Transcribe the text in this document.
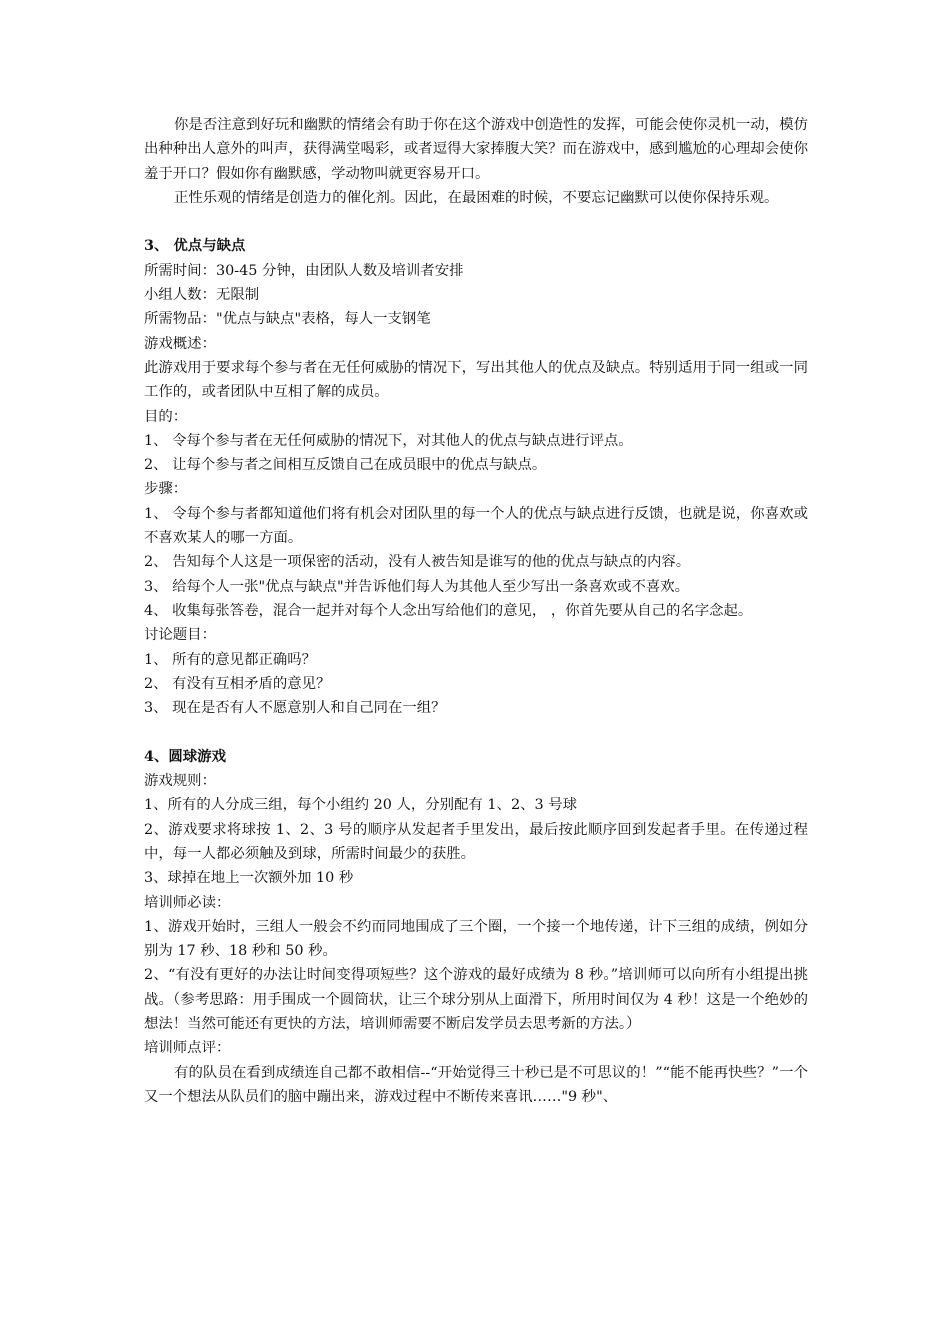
你是否注意到好玩和幽默的情绪会有助于你在这个游戏中创造性的发挥，可能会使你灵机一动，模仿出种种出人意外的叫声，获得满堂喝彩，或者逗得大家捧腹大笑？而在游戏中，感到尴尬的心理却会使你羞于开口？假如你有幽默感，学动物叫就更容易开口。

正性乐观的情绪是创造力的催化剂。因此，在最困难的时候，不要忘记幽默可以使你保持乐观。

3、 优点与缺点

所需时间：30-45 分钟，由团队人数及培训者安排

小组人数：无限制

所需物品："优点与缺点"表格，每人一支钢笔

游戏概述：

此游戏用于要求每个参与者在无任何威胁的情况下，写出其他人的优点及缺点。特别适用于同一组或一同工作的，或者团队中互相了解的成员。

目的：

1、 令每个参与者在无任何威胁的情况下，对其他人的优点与缺点进行评点。

2、 让每个参与者之间相互反馈自己在成员眼中的优点与缺点。

步骤：

1、 令每个参与者都知道他们将有机会对团队里的每一个人的优点与缺点进行反馈，也就是说，你喜欢或不喜欢某人的哪一方面。

2、 告知每个人这是一项保密的活动，没有人被告知是谁写的他的优点与缺点的内容。

3、 给每个人一张"优点与缺点"并告诉他们每人为其他人至少写出一条喜欢或不喜欢。

4、 收集每张答卷，混合一起并对每个人念出写给他们的意见， ，你首先要从自己的名字念起。

讨论题目：

1、 所有的意见都正确吗？

2、 有没有互相矛盾的意见？

3、 现在是否有人不愿意别人和自己同在一组？

4、圆球游戏

游戏规则：

1、所有的人分成三组，每个小组约 20 人，分别配有 1、2、3 号球

2、游戏要求将球按 1、2、3 号的顺序从发起者手里发出，最后按此顺序回到发起者手里。在传递过程中，每一人都必须触及到球，所需时间最少的获胜。

3、球掉在地上一次额外加 10 秒

培训师必读：

1、游戏开始时，三组人一般会不约而同地围成了三个圈，一个接一个地传递，计下三组的成绩，例如分别为 17 秒、18 秒和 50 秒。

2、“有没有更好的办法让时间变得项短些？这个游戏的最好成绩为 8 秒。”培训师可以向所有小组提出挑战。（参考思路：用手围成一个圆筒状，让三个球分别从上面滑下，所用时间仅为 4 秒！这是一个绝妙的想法！当然可能还有更快的方法，培训师需要不断启发学员去思考新的方法。）

培训师点评：

有的队员在看到成绩连自己都不敢相信--“开始觉得三十秒已是不可思议的！”“能不能再快些？”一个又一个想法从队员们的脑中蹦出来，游戏过程中不断传来喜讯……"9 秒"、
